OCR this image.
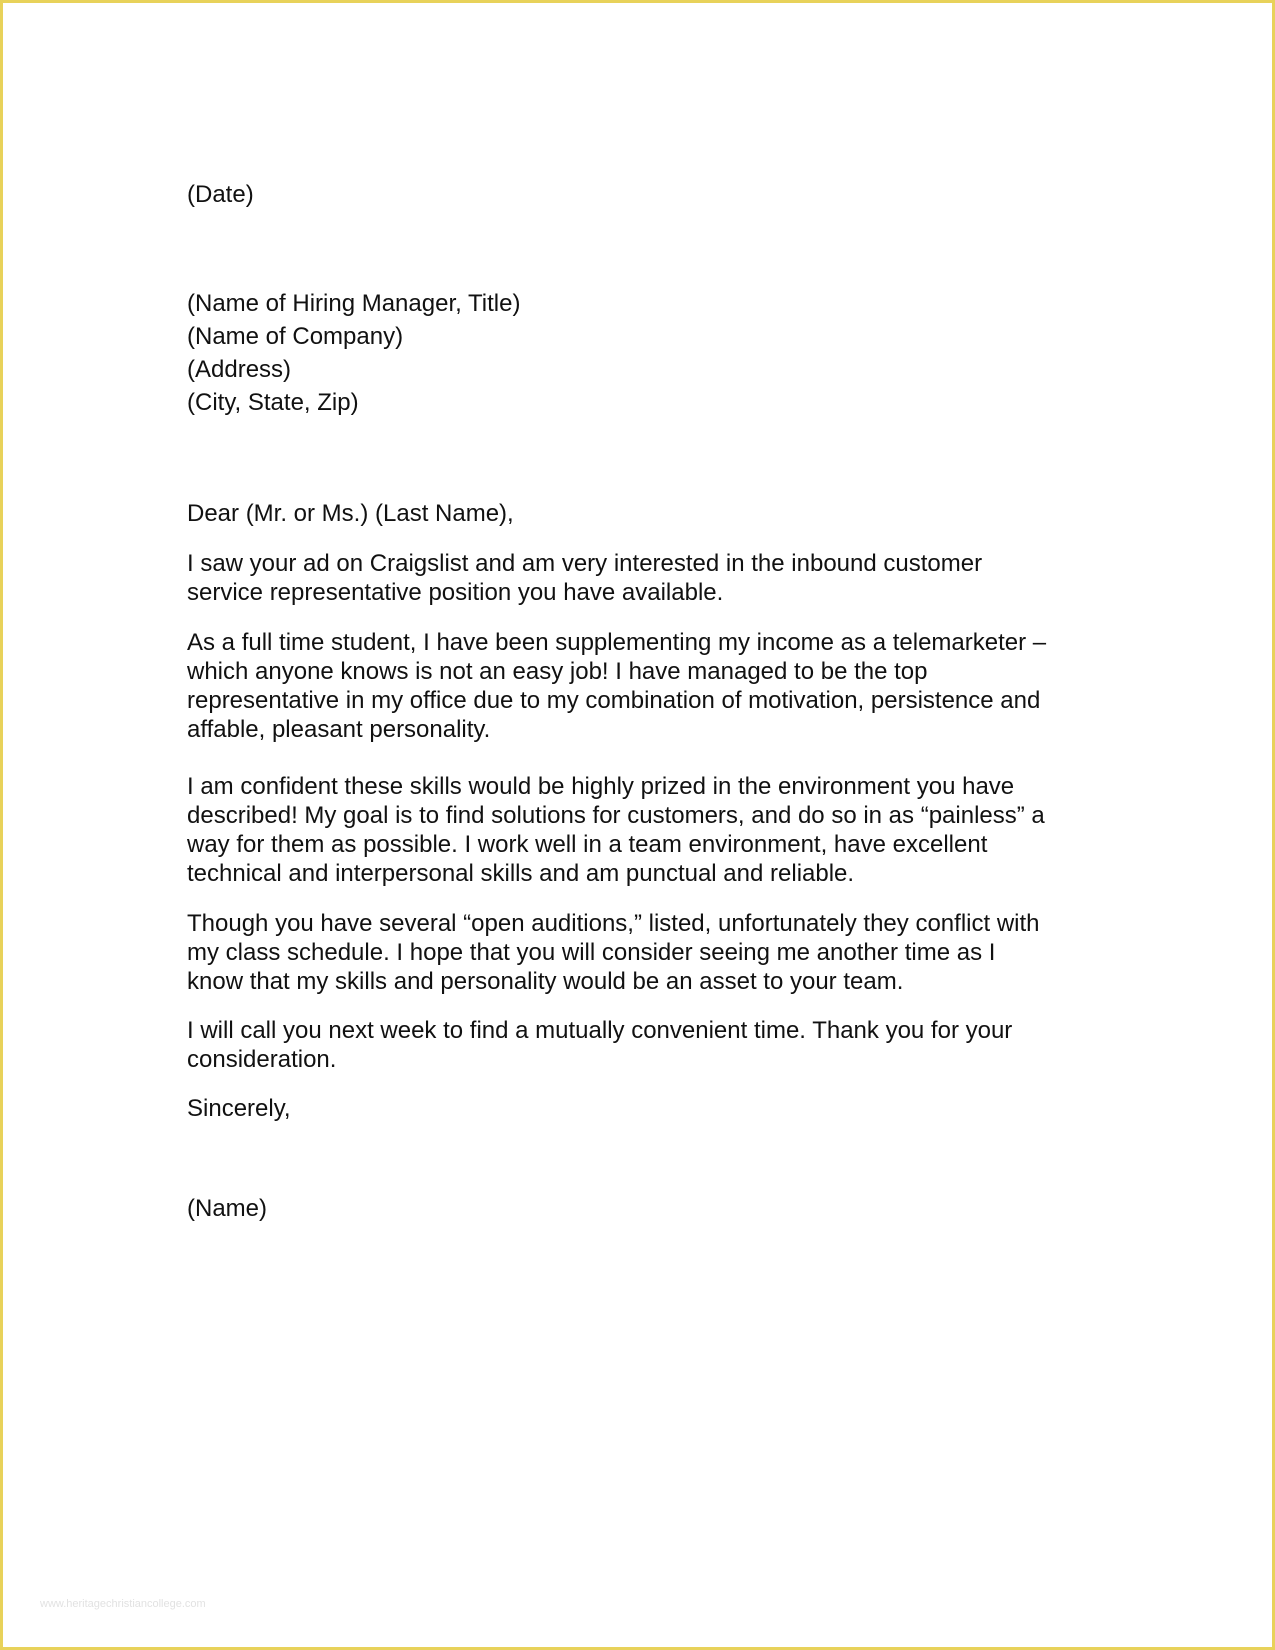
(Date)
(Name of Hiring Manager, Title)
(Name of Company)
(Address)
(City, State, Zip)
Dear (Mr. or Ms.) (Last Name),

I saw your ad on Craigslist and am very interested in the inbound customer
service representative position you have available.

As a full time student, I have been supplementing my income as a telemarketer –
which anyone knows is not an easy job! I have managed to be the top
representative in my office due to my combination of motivation, persistence and
affable, pleasant personality.

I am confident these skills would be highly prized in the environment you have
described! My goal is to find solutions for customers, and do so in as “painless” a
way for them as possible. I work well in a team environment, have excellent
technical and interpersonal skills and am punctual and reliable.

Though you have several “open auditions,” listed, unfortunately they conflict with
my class schedule. I hope that you will consider seeing me another time as I
know that my skills and personality would be an asset to your team.

I will call you next week to find a mutually convenient time. Thank you for your
consideration.

Sincerely,
(Name)
www.heritagechristiancollege.com
